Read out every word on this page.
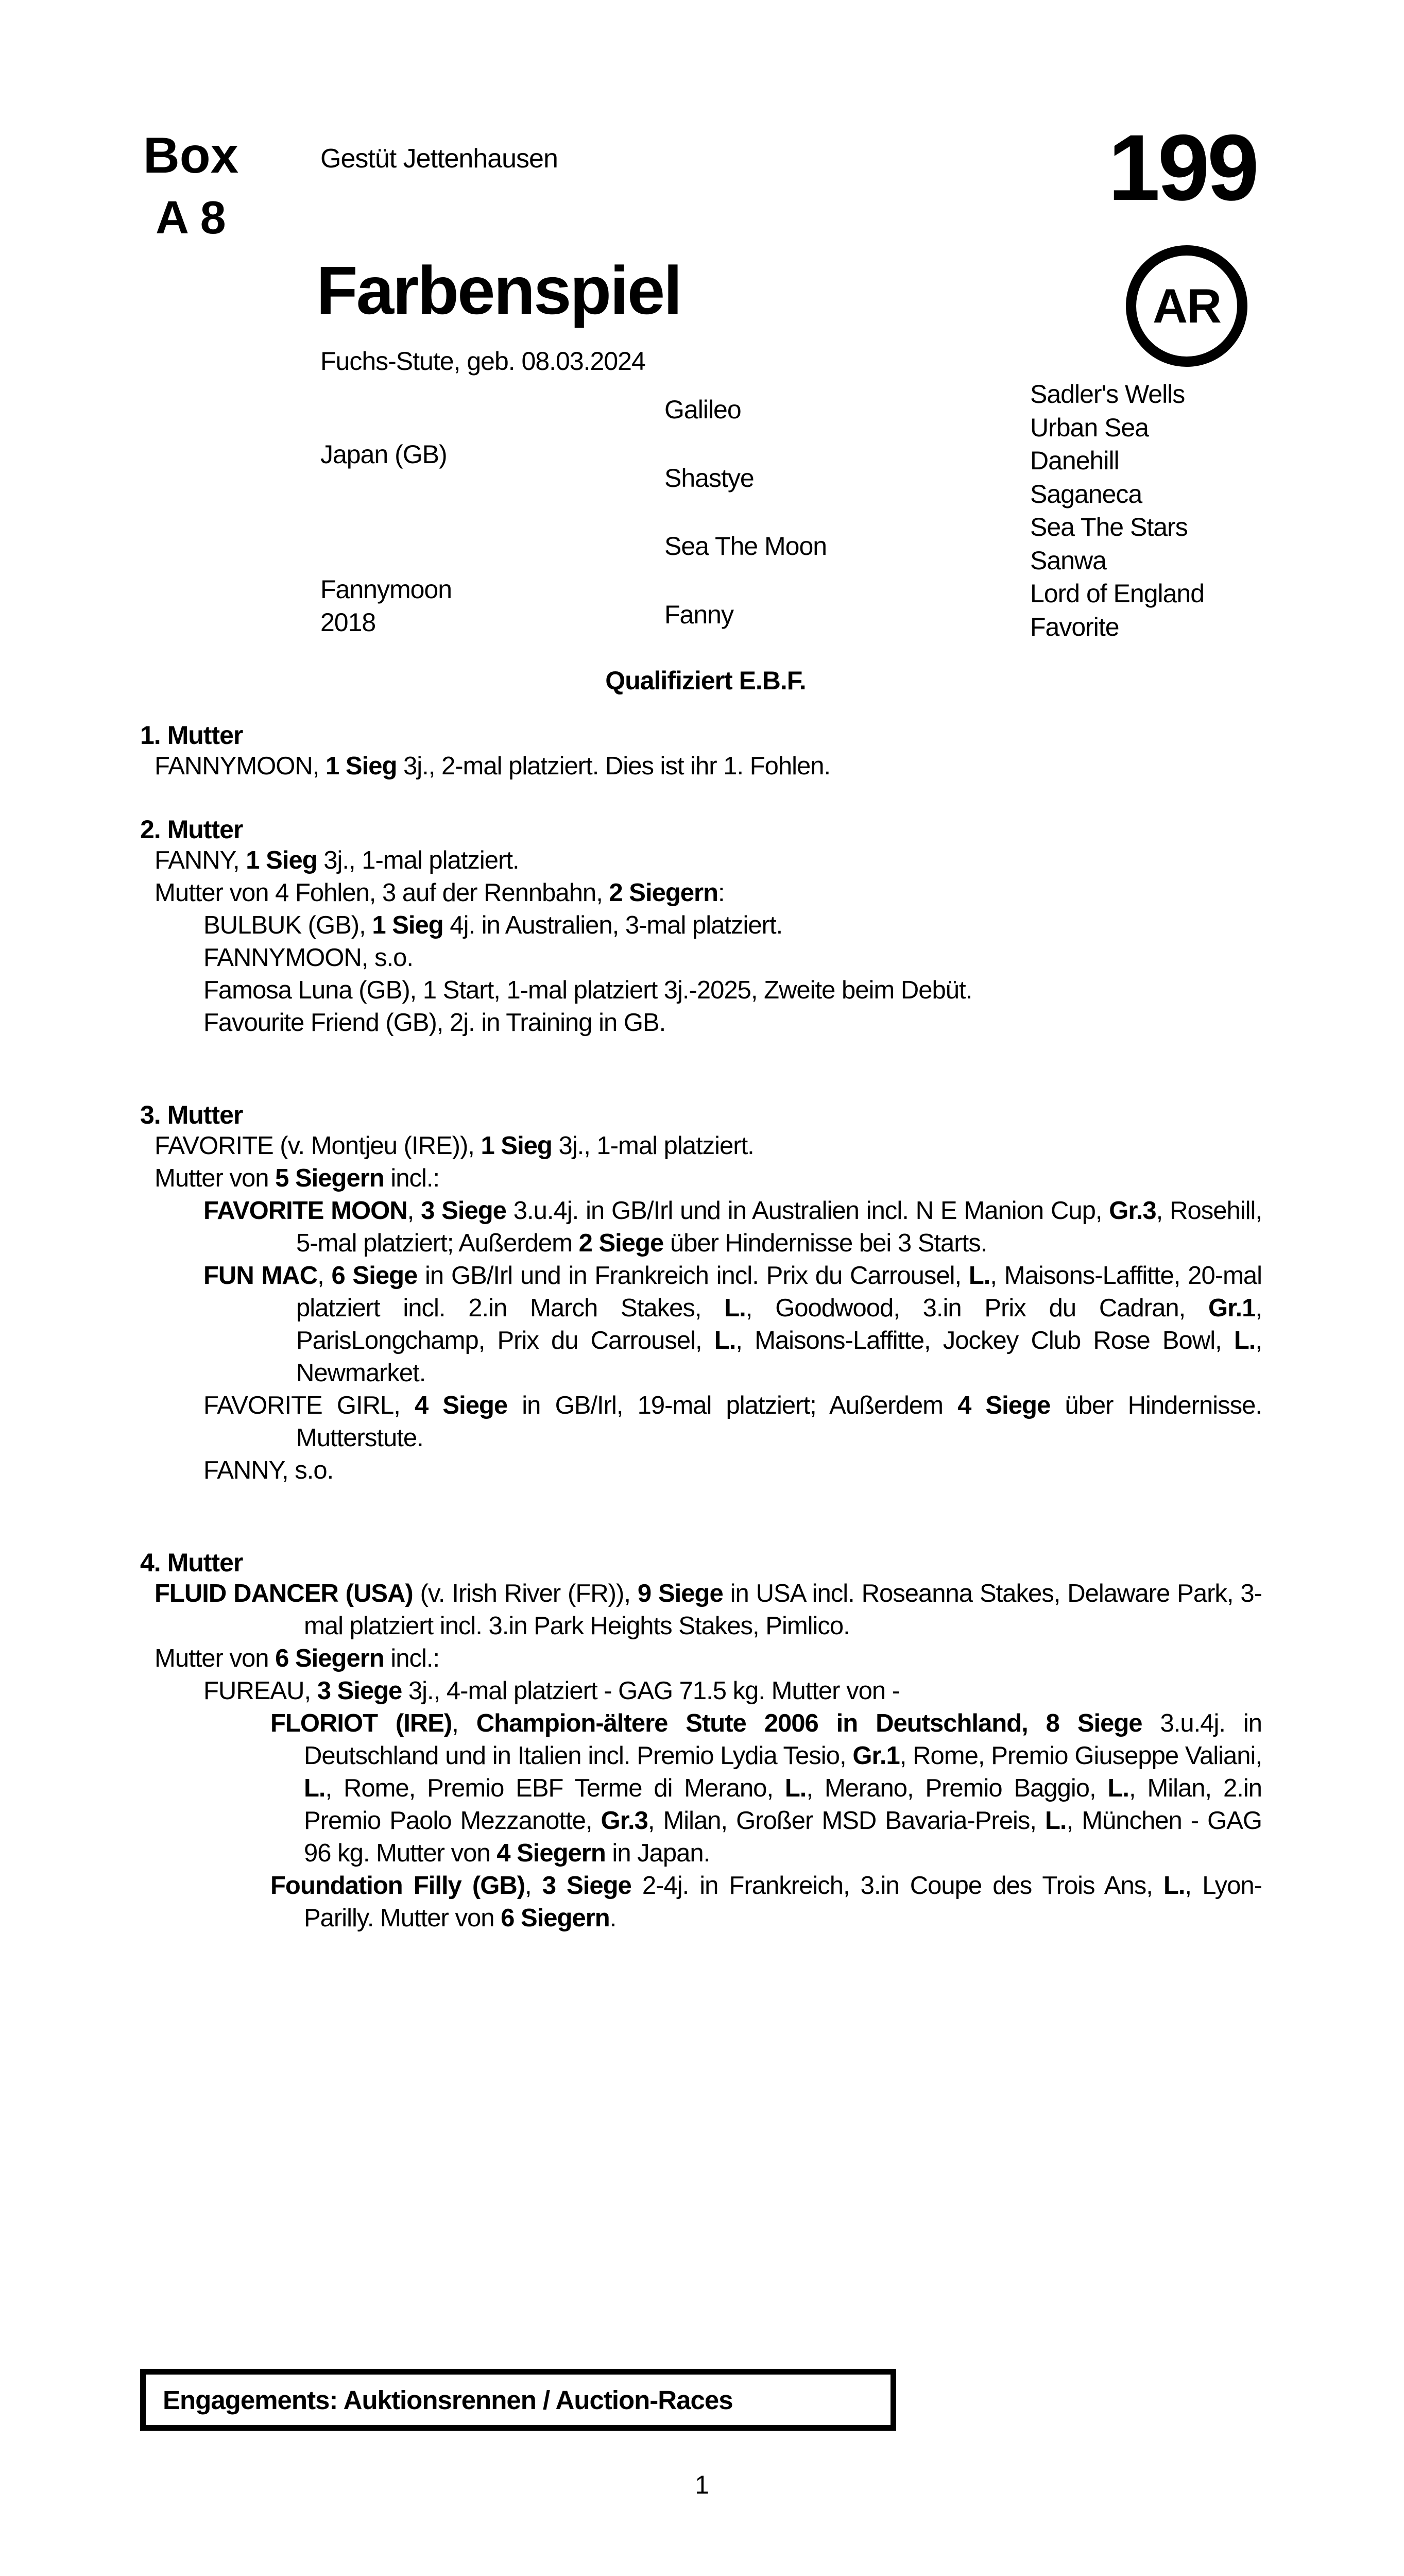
Box
A 8
Gestüt Jettenhausen	199
AR
Farbenspiel
Fuchs-Stute, geb. 08.03.2024
Japan (GB)
Fannymoon
2018
Galileo
Shastye
Sea The Moon
Fanny
Sadler's Wells
Urban Sea
Danehill
Saganeca
Sea The Stars
Sanwa
Lord of England
Favorite
Qualifiziert E.B.F.
1. Mutter

FANNYMOON, 1 Sieg 3j., 2-mal platziert. Dies ist ihr 1. Fohlen.

2. Mutter

FANNY, 1 Sieg 3j., 1-mal platziert.

Mutter von 4 Fohlen, 3 auf der Rennbahn, 2 Siegern:

BULBUK (GB), 1 Sieg 4j. in Australien, 3-mal platziert.

FANNYMOON, s.o.

Famosa Luna (GB), 1 Start, 1-mal platziert 3j.-2025, Zweite beim Debüt.

Favourite Friend (GB), 2j. in Training in GB.

3. Mutter

FAVORITE (v. Montjeu (IRE)), 1 Sieg 3j., 1-mal platziert.

Mutter von 5 Siegern incl.:

FAVORITE MOON, 3 Siege 3.u.4j. in GB/Irl und in Australien incl. N E Manion Cup, Gr.3, Rosehill, 5-mal platziert; Außerdem 2 Siege über Hindernisse bei 3 Starts.

FUN MAC, 6 Siege in GB/Irl und in Frankreich incl. Prix du Carrousel, L., Maisons-Laffitte, 20-mal platziert incl. 2.in March Stakes, L., Goodwood, 3.in Prix du Cadran, Gr.1, ParisLongchamp, Prix du Carrousel, L., Maisons-Laffitte, Jockey Club Rose Bowl, L., Newmarket.

FAVORITE GIRL, 4 Siege in GB/Irl, 19-mal platziert; Außerdem 4 Siege über Hindernisse. Mutterstute.

FANNY, s.o.

4. Mutter

FLUID DANCER (USA) (v. Irish River (FR)), 9 Siege in USA incl. Roseanna Stakes, Delaware Park, 3-mal platziert incl. 3.in Park Heights Stakes, Pimlico.

Mutter von 6 Siegern incl.:

FUREAU, 3 Siege 3j., 4-mal platziert - GAG 71.5 kg. Mutter von -

FLORIOT (IRE), Champion-ältere Stute 2006 in Deutschland, 8 Siege 3.u.4j. in Deutschland und in Italien incl. Premio Lydia Tesio, Gr.1, Rome, Premio Giuseppe Valiani, L., Rome, Premio EBF Terme di Merano, L., Merano, Premio Baggio, L., Milan, 2.in Premio Paolo Mezzanotte, Gr.3, Milan, Großer MSD Bavaria-Preis, L., München - GAG 96 kg. Mutter von 4 Siegern in Japan.

Foundation Filly (GB), 3 Siege 2-4j. in Frankreich, 3.in Coupe des Trois Ans, L., Lyon-Parilly. Mutter von 6 Siegern.

Engagements: Auktionsrennen / Auction-Races
1
